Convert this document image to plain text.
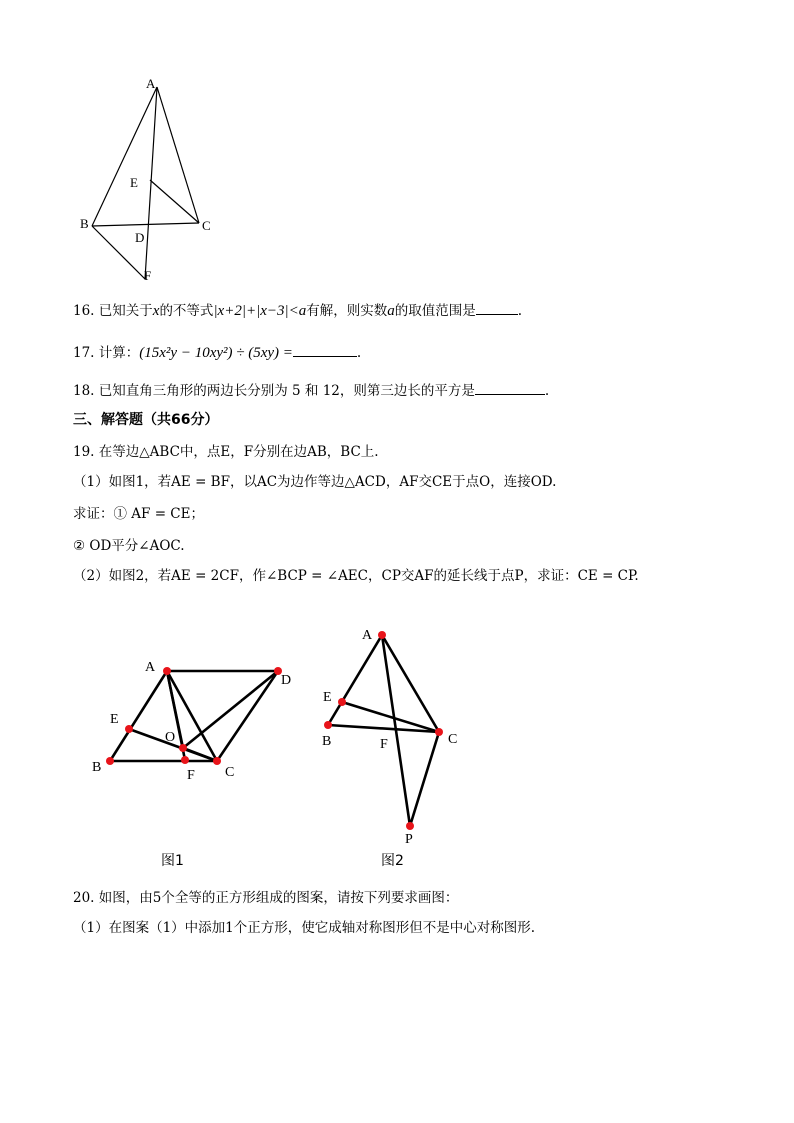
A
E
B
D
C
F
16. 已知关于x的不等式|x+2|+|x−3|<a有解，则实数a的取值范围是	.
17. 计算：(15x²y − 10xy²) ÷ (5xy) =	.
18. 已知直角三角形的两边长分别为 5 和 12，则第三边长的平方是	.
三、解答题（共66分）
19. 在等边△ABC中，点E，F分别在边AB，BC上.
（1）如图1，若AE = BF，以AC为边作等边△ACD，AF交CE于点O，连接OD.
求证：① AF = CE；
② OD平分∠AOC.
（2）如图2，若AE = 2CF，作∠BCP = ∠AEC，CP交AF的延长线于点P，求证：CE = CP.
A
D
E
O
B
F C
图1
A
E
B	F	C
P
图2
20. 如图，由5个全等的正方形组成的图案，请按下列要求画图：
（1）在图案（1）中添加1个正方形，使它成轴对称图形但不是中心对称图形.
